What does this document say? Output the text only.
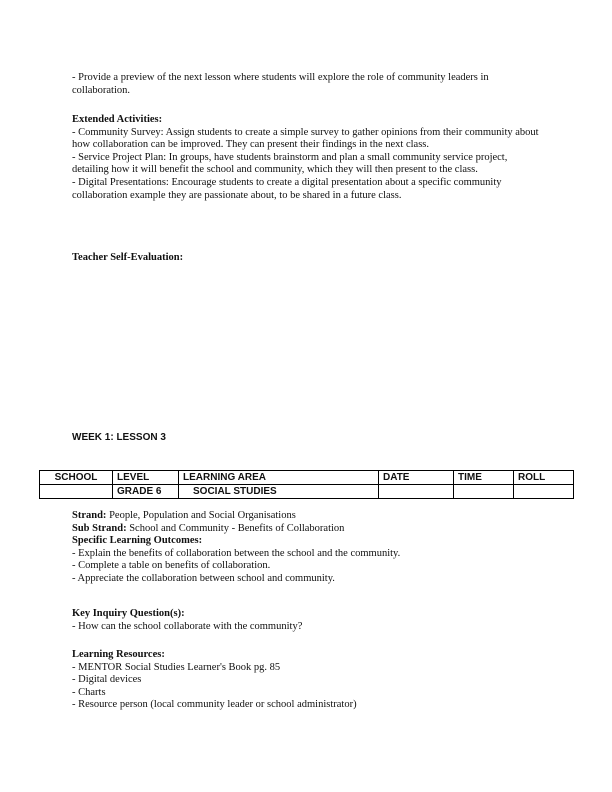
- Provide a preview of the next lesson where students will explore the role of community leaders in collaboration.

Extended Activities:

- Community Survey: Assign students to create a simple survey to gather opinions from their community about how collaboration can be improved. They can present their findings in the next class.

- Service Project Plan: In groups, have students brainstorm and plan a small community service project, detailing how it will benefit the school and community, which they will then present to the class.

- Digital Presentations: Encourage students to create a digital presentation about a specific community collaboration example they are passionate about, to be shared in a future class.

Teacher Self-Evaluation:

WEEK 1: LESSON 3
SCHOOL	LEVEL	LEARNING AREA	DATE	TIME	ROLL
	GRADE 6	SOCIAL STUDIES			

Strand: People, Population and Social Organisations

Sub Strand: School and Community - Benefits of Collaboration

Specific Learning Outcomes:

- Explain the benefits of collaboration between the school and the community.

- Complete a table on benefits of collaboration.

- Appreciate the collaboration between school and community.

Key Inquiry Question(s):

- How can the school collaborate with the community?

Learning Resources:

- MENTOR Social Studies Learner's Book pg. 85

- Digital devices

- Charts

- Resource person (local community leader or school administrator)
